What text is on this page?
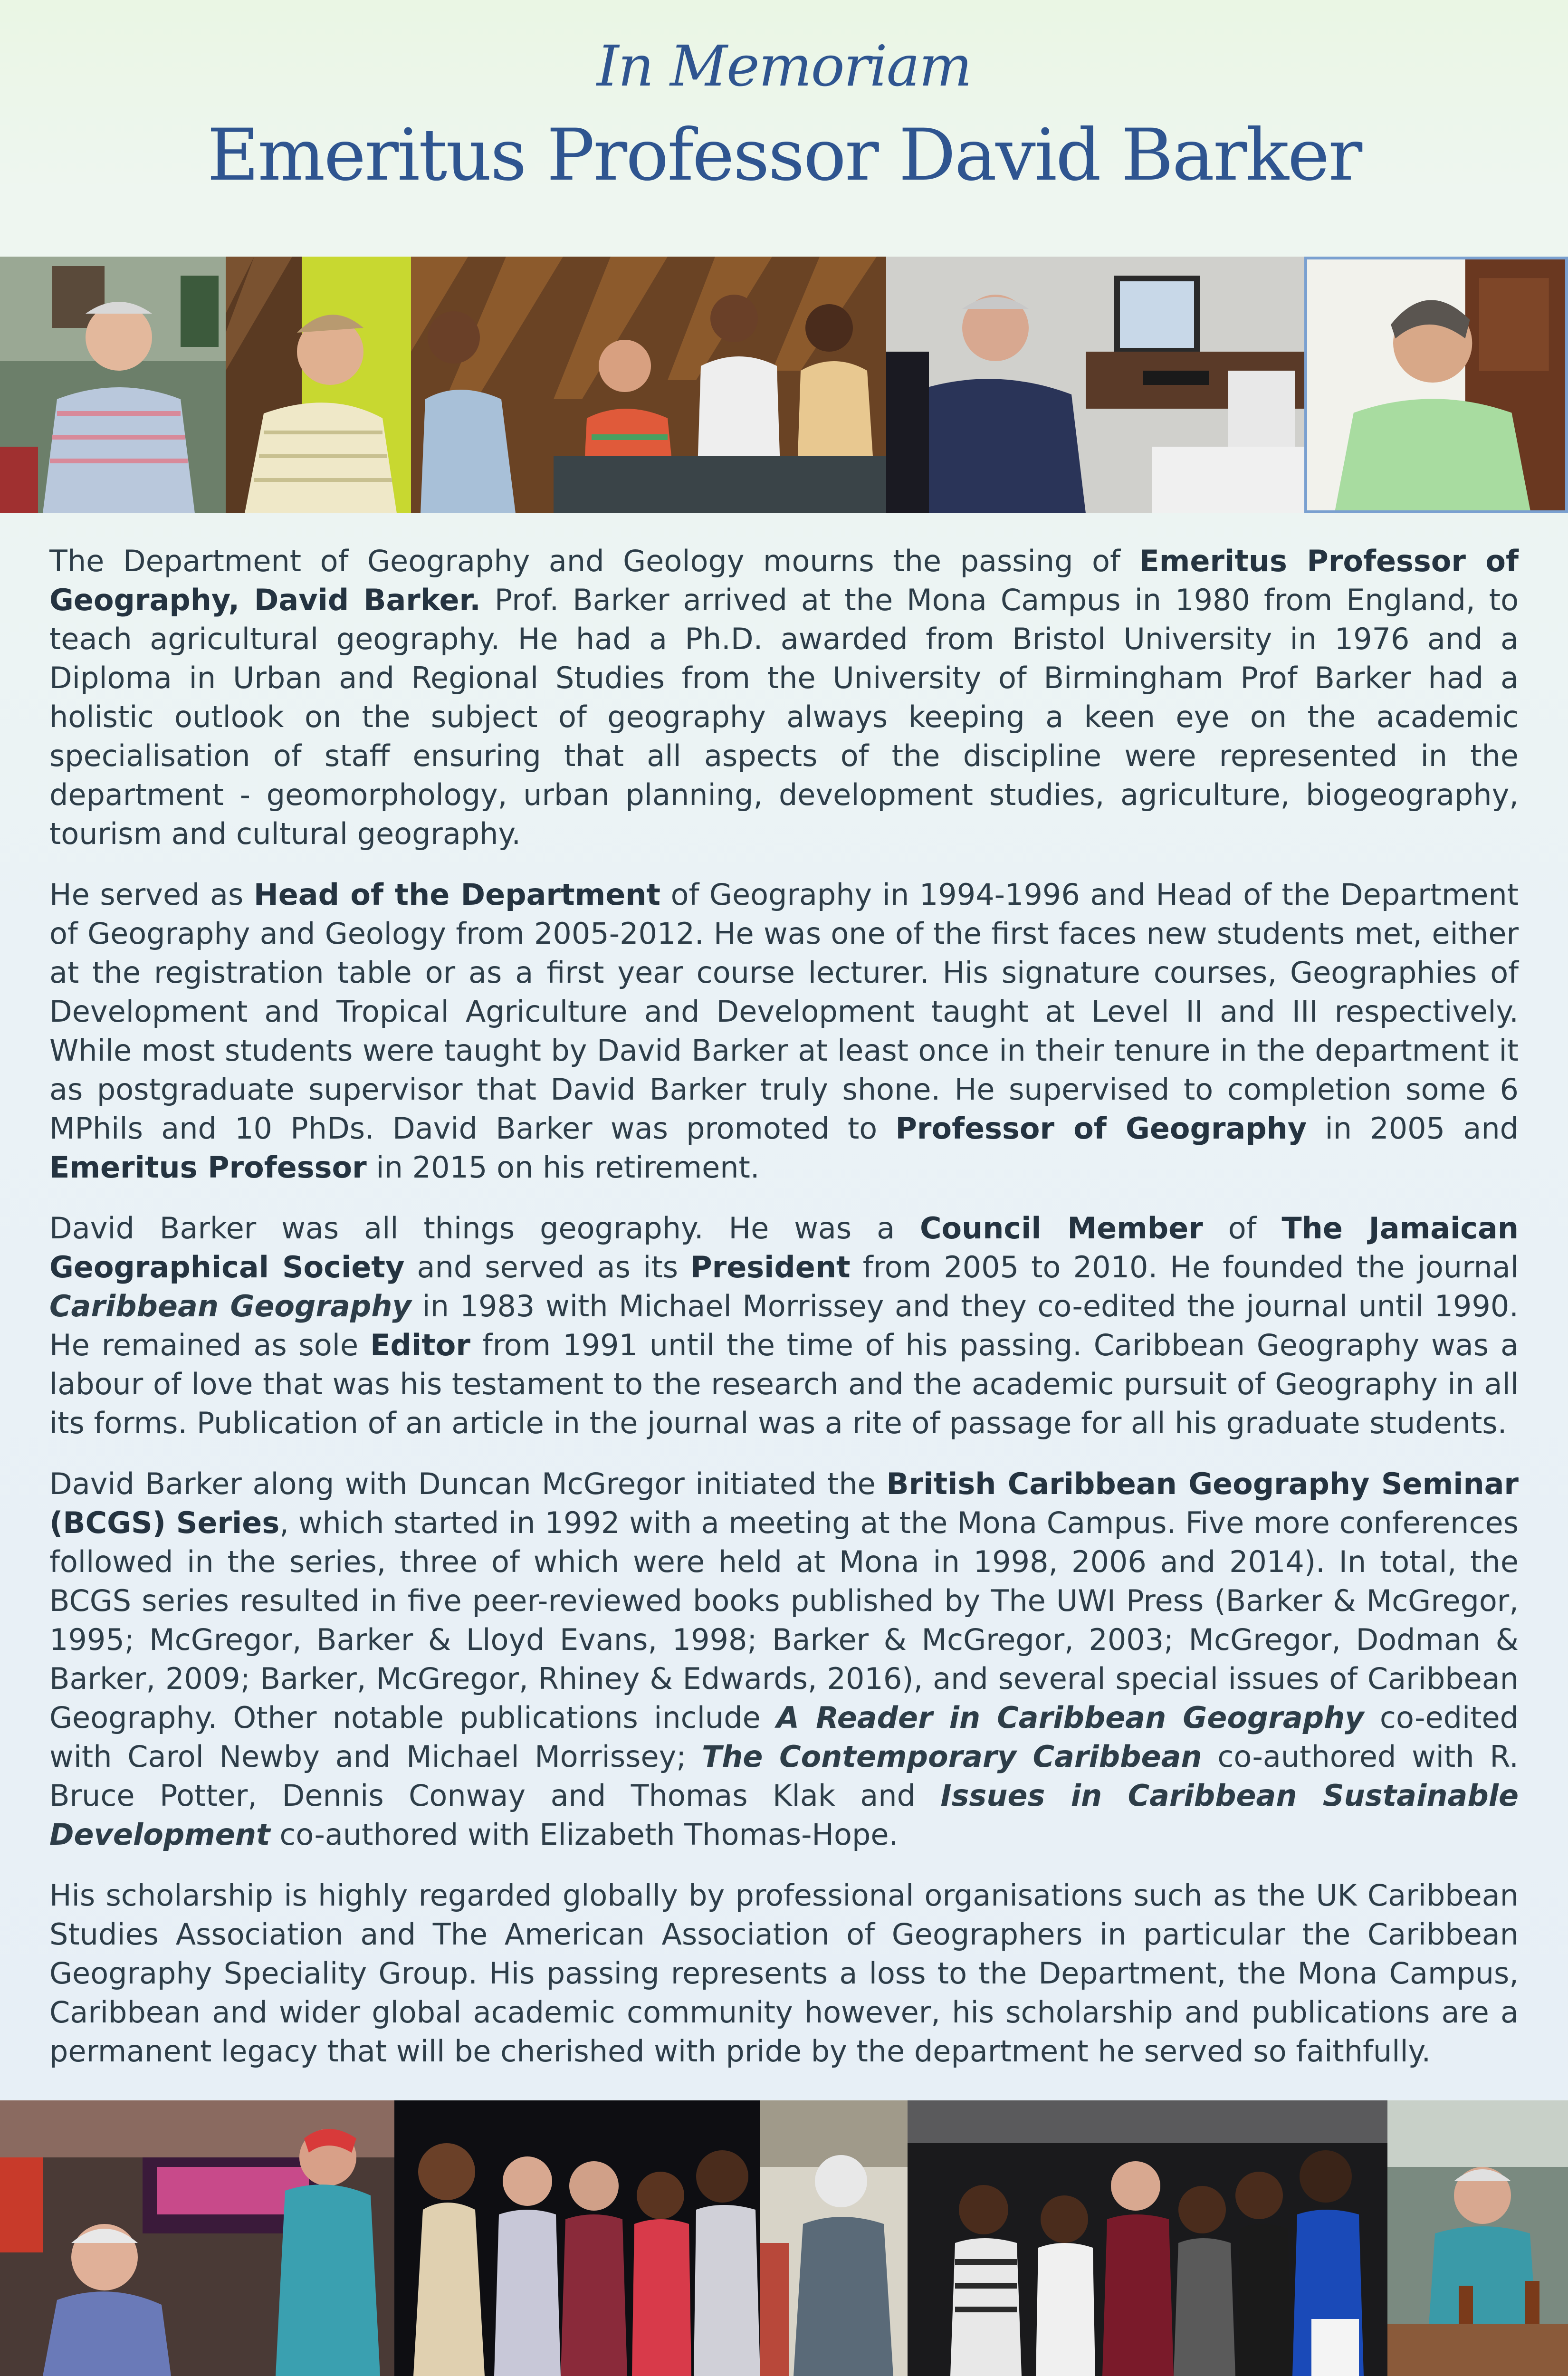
In Memoriam
Emeritus Professor David Barker

The Department of Geography and Geology mourns the passing of Emeritus Professor of Geography, David Barker. Prof. Barker arrived at the Mona Campus in 1980 from England, to teach agricultural geography. He had a Ph.D. awarded from Bristol University in 1976 and a Diploma in Urban and Regional Studies from the University of Birmingham Prof Barker had a holistic outlook on the subject of geography always keeping a keen eye on the academic specialisation of staff ensuring that all aspects of the discipline were represented in the department - geomorphology, urban planning, development studies, agriculture, biogeography, tourism and cultural geography.

He served as Head of the Department of Geography in 1994-1996 and Head of the Department of Geography and Geology from 2005-2012. He was one of the first faces new students met, either at the registration table or as a first year course lecturer. His signature courses, Geographies of Development and Tropical Agriculture and Development taught at Level II and III respectively. While most students were taught by David Barker at least once in their tenure in the department it as postgraduate supervisor that David Barker truly shone. He supervised to completion some 6 MPhils and 10 PhDs. David Barker was promoted to Professor of Geography in 2005 and Emeritus Professor in 2015 on his retirement.

David Barker was all things geography. He was a Council Member of The Jamaican Geographical Society and served as its President from 2005 to 2010. He founded the journal Caribbean Geography in 1983 with Michael Morrissey and they co-edited the journal until 1990. He remained as sole Editor from 1991 until the time of his passing. Caribbean Geography was a labour of love that was his testament to the research and the academic pursuit of Geography in all its forms. Publication of an article in the journal was a rite of passage for all his graduate students.

David Barker along with Duncan McGregor initiated the British Caribbean Geography Seminar (BCGS) Series, which started in 1992 with a meeting at the Mona Campus. Five more conferences followed in the series, three of which were held at Mona in 1998, 2006 and 2014). In total, the BCGS series resulted in five peer-reviewed books published by The UWI Press (Barker & McGregor, 1995; McGregor, Barker & Lloyd Evans, 1998; Barker & McGregor, 2003; McGregor, Dodman & Barker, 2009; Barker, McGregor, Rhiney & Edwards, 2016), and several special issues of Caribbean Geography. Other notable publications include A Reader in Caribbean Geography co-edited with Carol Newby and Michael Morrissey; The Contemporary Caribbean co-authored with R. Bruce Potter, Dennis Conway and Thomas Klak and Issues in Caribbean Sustainable Development co-authored with Elizabeth Thomas-Hope.

His scholarship is highly regarded globally by professional organisations such as the UK Caribbean Studies Association and The American Association of Geographers in particular the Caribbean Geography Speciality Group. His passing represents a loss to the Department, the Mona Campus, Caribbean and wider global academic community however, his scholarship and publications are a permanent legacy that will be cherished with pride by the department he served so faithfully.
